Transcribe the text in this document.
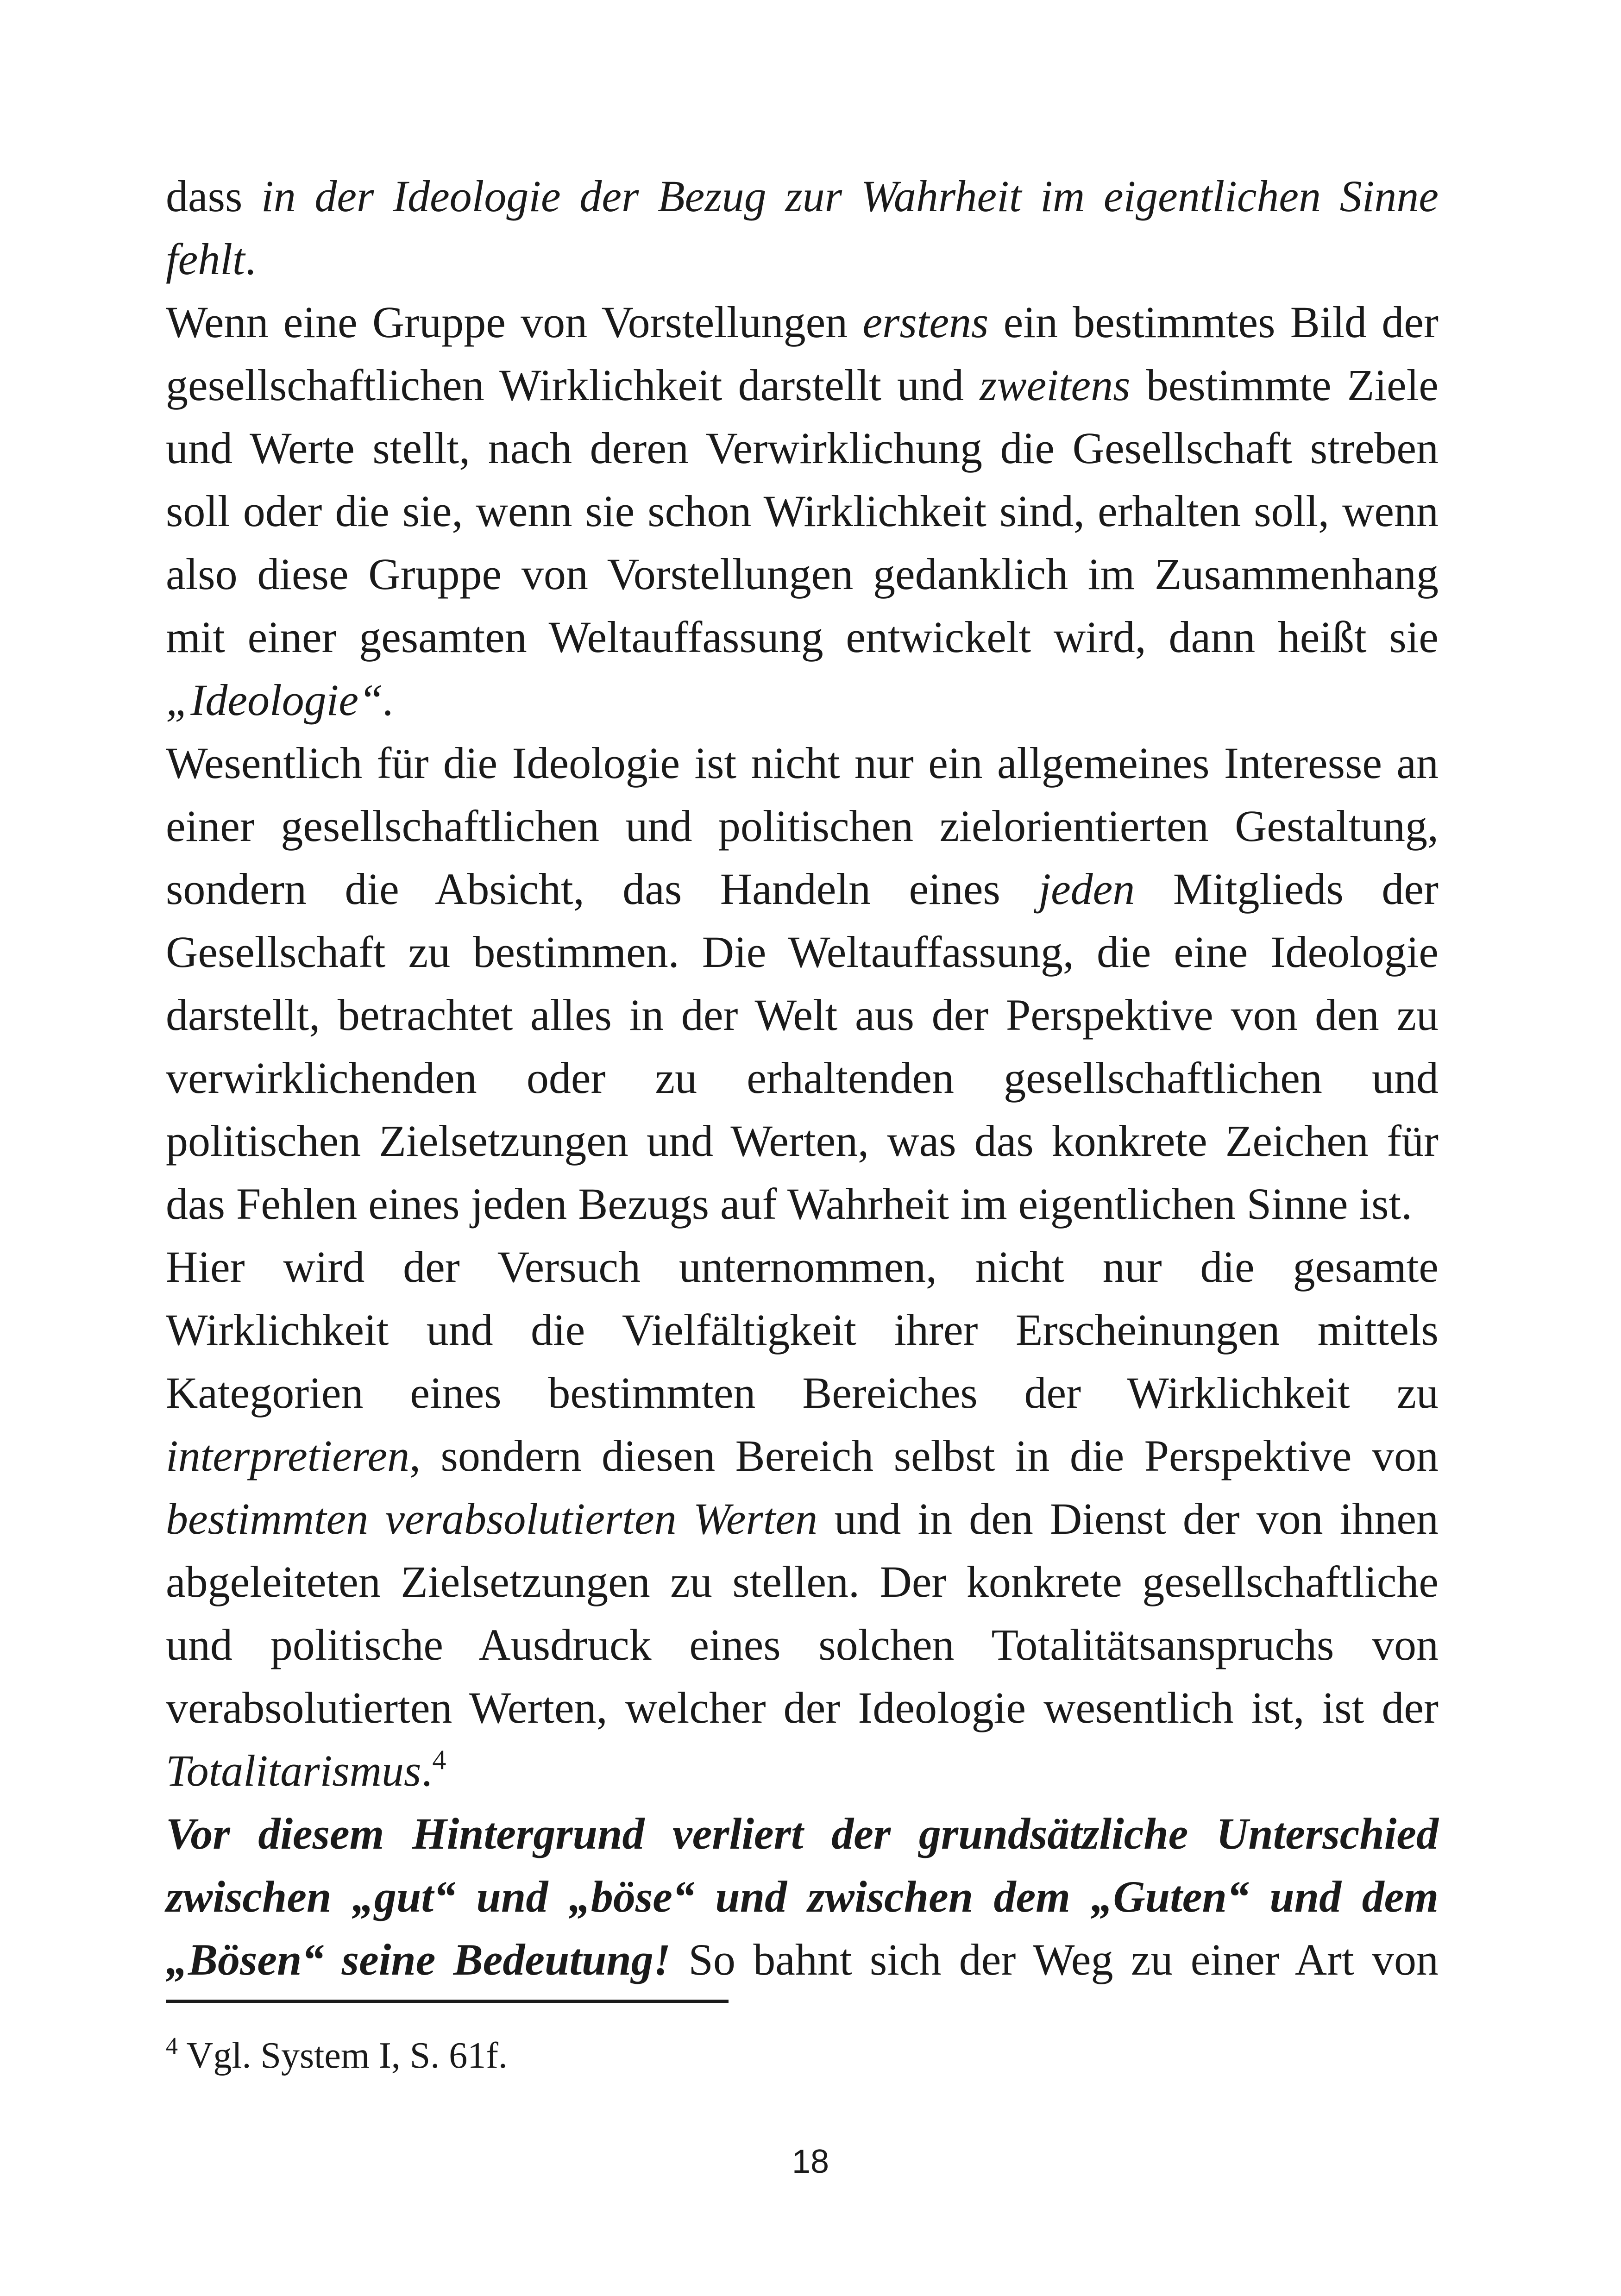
dass in der Ideologie der Bezug zur Wahrheit im eigentlichen Sinne fehlt.

Wenn eine Gruppe von Vorstellungen erstens ein bestimmtes Bild der gesellschaftlichen Wirklichkeit darstellt und zweitens bestimmte Ziele und Werte stellt, nach deren Verwirklichung die Gesellschaft streben soll oder die sie, wenn sie schon Wirklichkeit sind, erhalten soll, wenn also diese Gruppe von Vorstellungen gedanklich im Zusammenhang mit einer gesamten Weltauffassung entwickelt wird, dann heißt sie „Ideologie“.

Wesentlich für die Ideologie ist nicht nur ein allgemeines Interesse an einer gesellschaftlichen und politischen zielorientierten Gestaltung, sondern die Absicht, das Handeln eines jeden Mitglieds der Gesellschaft zu bestimmen. Die Weltauffassung, die eine Ideologie darstellt, betrachtet alles in der Welt aus der Perspektive von den zu verwirklichenden oder zu erhaltenden gesellschaftlichen und politischen Zielsetzungen und Werten, was das konkrete Zeichen für das Fehlen eines jeden Bezugs auf Wahrheit im eigentlichen Sinne ist.

Hier wird der Versuch unternommen, nicht nur die gesamte Wirklichkeit und die Vielfältigkeit ihrer Erscheinungen mittels Kategorien eines bestimmten Bereiches der Wirklichkeit zu interpretieren, sondern diesen Bereich selbst in die Perspektive von bestimmten verabsolutierten Werten und in den Dienst der von ihnen abgeleiteten Zielsetzungen zu stellen. Der konkrete gesellschaftliche und politische Ausdruck eines solchen Totalitätsanspruchs von verabsolutierten Werten, welcher der Ideologie wesentlich ist, ist der Totalitarismus.$^4$

Vor diesem Hintergrund verliert der grundsätzliche Unterschied zwischen „gut“ und „böse“ und zwischen dem „Guten“ und dem „Bösen“ seine Bedeutung! So bahnt sich der Weg zu einer Art von

$^4$ Vgl. System I, S. 61f.
18
